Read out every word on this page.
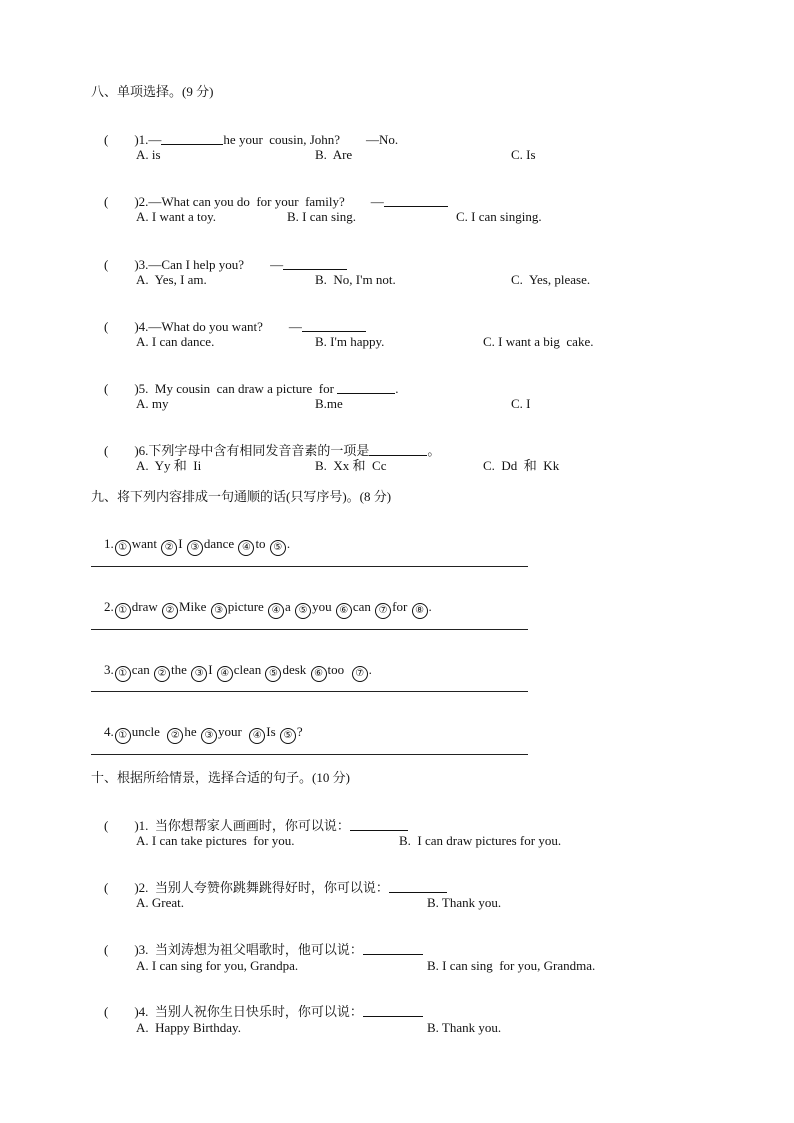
八、单项选择。(9 分)

(        )1.—	he your  cousin, John?        —No.

A. is	B.  Are	C. Is

(        )2.—What can you do  for your  family?        —

A. I want a toy.	B. I can sing.	C. I can singing.

(        )3.—Can I help you?        —

A.  Yes, I am.	B.  No, I'm not.	C.  Yes, please.

(        )4.—What do you want?        —

A. I can dance.	B. I'm happy.	C. I want a big  cake.

(        )5.  My cousin  can draw a picture  for	.

A. my	B.me	C. I

(        )6.下列字母中含有相同发音音素的一项是	。

A.  Yy 和  Ii	B.  Xx 和  Cc	C.  Dd  和  Kk
九、将下列内容排成一句通顺的话(只写序号)。(8 分)

1. ① want ② I ③ dance ④ to ⑤ .

2. ① draw ② Mike ③ picture ④ a ⑤ you ⑥ can ⑦ for ⑧ .

3. ① can ② the ③ I ④ clean ⑤ desk ⑥ too  ⑦ .

4. ① uncle  ② he ③ your  ④ Is ⑤ ?

十、根据所给情景，选择合适的句子。(10 分)

(        )1.  当你想帮家人画画时，你可以说：

A. I can take pictures  for you.	B.  I can draw pictures for you.

(        )2.  当别人夸赞你跳舞跳得好时，你可以说：

A. Great.	B. Thank you.

(        )3.  当刘涛想为祖父唱歌时，他可以说：

A. I can sing for you, Grandpa.	B. I can sing  for you, Grandma.

(        )4.  当别人祝你生日快乐时，你可以说：

A.  Happy Birthday.	B. Thank you.
